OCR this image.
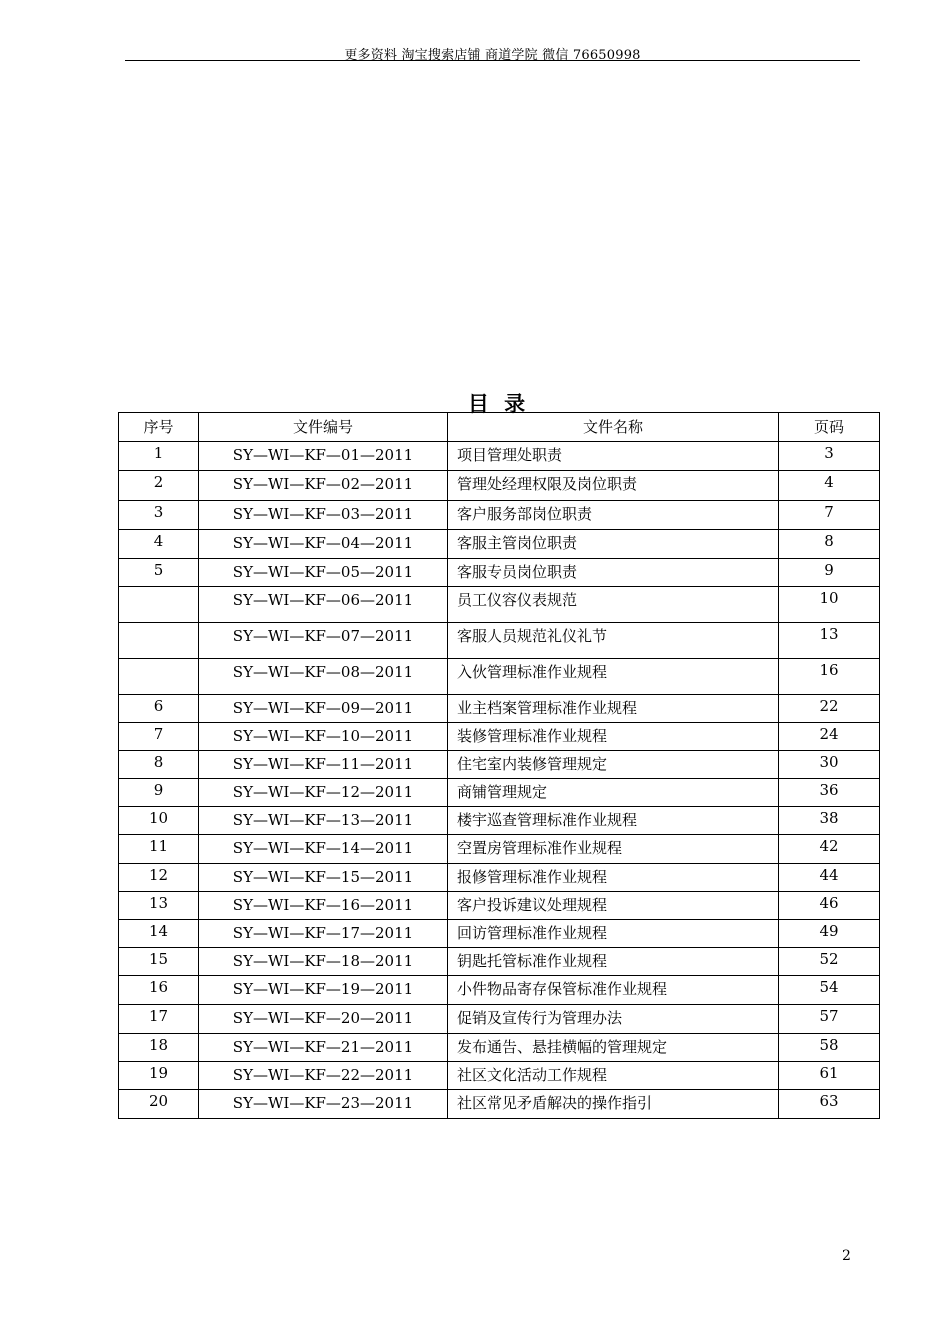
更多资料 淘宝搜索店铺 商道学院 微信 76650998
目 录
序号	文件编号	文件名称	页码
1	SY—WI—KF—01—2011	项目管理处职责	3
2	SY—WI—KF—02—2011	管理处经理权限及岗位职责	4
3	SY—WI—KF—03—2011	客户服务部岗位职责	7
4	SY—WI—KF—04—2011	客服主管岗位职责	8
5	SY—WI—KF—05—2011	客服专员岗位职责	9
	SY—WI—KF—06—2011	员工仪容仪表规范	10
	SY—WI—KF—07—2011	客服人员规范礼仪礼节	13
	SY—WI—KF—08—2011	入伙管理标准作业规程	16
6	SY—WI—KF—09—2011	业主档案管理标准作业规程	22
7	SY—WI—KF—10—2011	装修管理标准作业规程	24
8	SY—WI—KF—11—2011	住宅室内装修管理规定	30
9	SY—WI—KF—12—2011	商铺管理规定	36
10	SY—WI—KF—13—2011	楼宇巡查管理标准作业规程	38
11	SY—WI—KF—14—2011	空置房管理标准作业规程	42
12	SY—WI—KF—15—2011	报修管理标准作业规程	44
13	SY—WI—KF—16—2011	客户投诉建议处理规程	46
14	SY—WI—KF—17—2011	回访管理标准作业规程	49
15	SY—WI—KF—18—2011	钥匙托管标准作业规程	52
16	SY—WI—KF—19—2011	小件物品寄存保管标准作业规程	54
17	SY—WI—KF—20—2011	促销及宣传行为管理办法	57
18	SY—WI—KF—21—2011	发布通告、悬挂横幅的管理规定	58
19	SY—WI—KF—22—2011	社区文化活动工作规程	61
20	SY—WI—KF—23—2011	社区常见矛盾解决的操作指引	63
2
